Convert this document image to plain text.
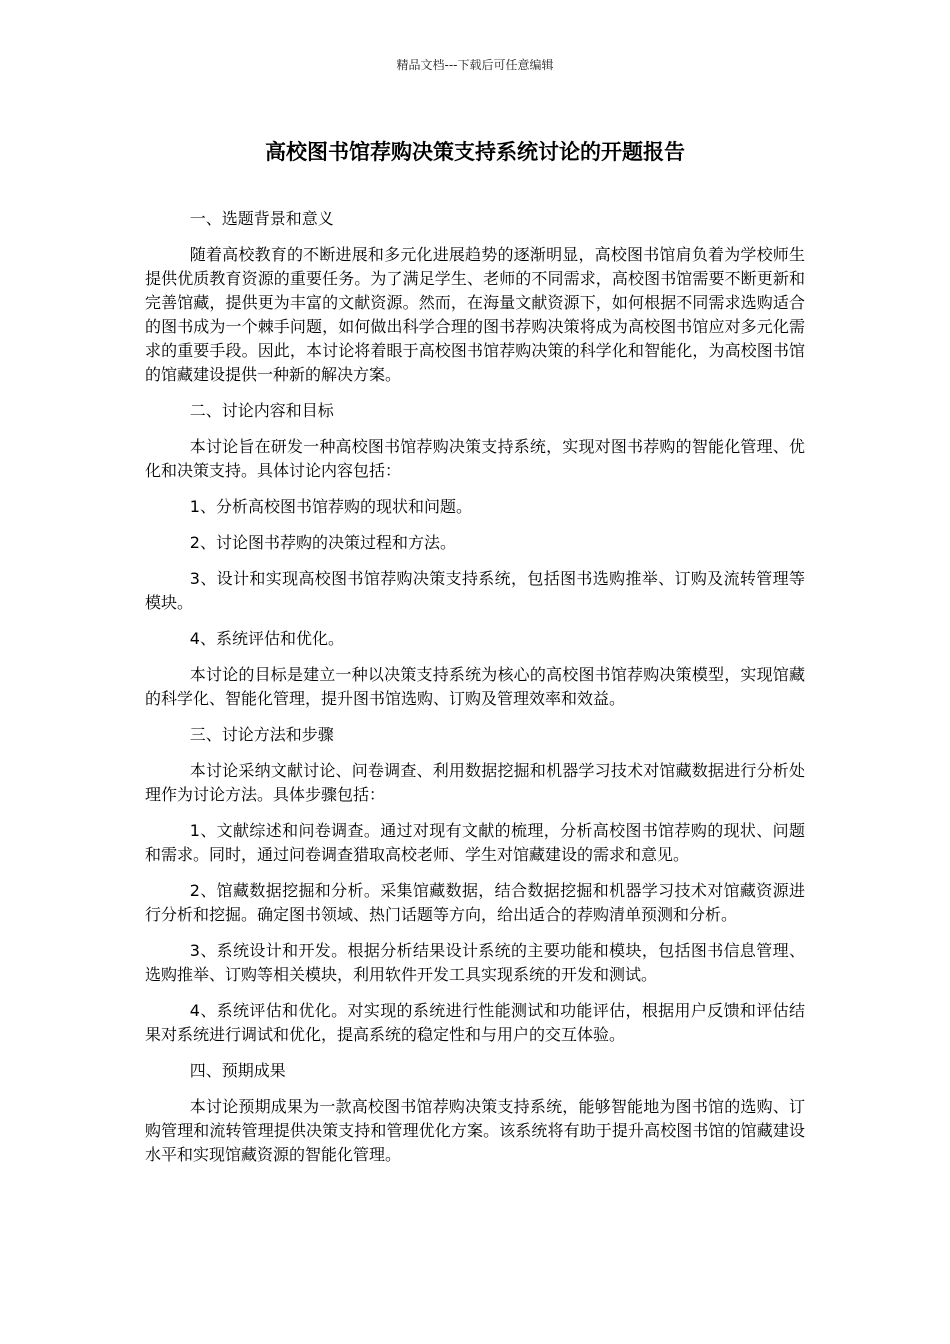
精品文档---下载后可任意编辑
高校图书馆荐购决策支持系统讨论的开题报告

一、选题背景和意义

随着高校教育的不断进展和多元化进展趋势的逐渐明显，高校图书馆肩负着为学校师生提供优质教育资源的重要任务。为了满足学生、老师的不同需求，高校图书馆需要不断更新和完善馆藏，提供更为丰富的文献资源。然而，在海量文献资源下，如何根据不同需求选购适合的图书成为一个棘手问题，如何做出科学合理的图书荐购决策将成为高校图书馆应对多元化需求的重要手段。因此，本讨论将着眼于高校图书馆荐购决策的科学化和智能化，为高校图书馆的馆藏建设提供一种新的解决方案。

二、讨论内容和目标

本讨论旨在研发一种高校图书馆荐购决策支持系统，实现对图书荐购的智能化管理、优化和决策支持。具体讨论内容包括：

1、分析高校图书馆荐购的现状和问题。

2、讨论图书荐购的决策过程和方法。

3、设计和实现高校图书馆荐购决策支持系统，包括图书选购推举、订购及流转管理等模块。

4、系统评估和优化。

本讨论的目标是建立一种以决策支持系统为核心的高校图书馆荐购决策模型，实现馆藏的科学化、智能化管理，提升图书馆选购、订购及管理效率和效益。

三、讨论方法和步骤

本讨论采纳文献讨论、问卷调查、利用数据挖掘和机器学习技术对馆藏数据进行分析处理作为讨论方法。具体步骤包括：

1、文献综述和问卷调查。通过对现有文献的梳理，分析高校图书馆荐购的现状、问题和需求。同时，通过问卷调查猎取高校老师、学生对馆藏建设的需求和意见。

2、馆藏数据挖掘和分析。采集馆藏数据，结合数据挖掘和机器学习技术对馆藏资源进行分析和挖掘。确定图书领域、热门话题等方向，给出适合的荐购清单预测和分析。

3、系统设计和开发。根据分析结果设计系统的主要功能和模块，包括图书信息管理、选购推举、订购等相关模块，利用软件开发工具实现系统的开发和测试。

4、系统评估和优化。对实现的系统进行性能测试和功能评估，根据用户反馈和评估结果对系统进行调试和优化，提高系统的稳定性和与用户的交互体验。

四、预期成果

本讨论预期成果为一款高校图书馆荐购决策支持系统，能够智能地为图书馆的选购、订购管理和流转管理提供决策支持和管理优化方案。该系统将有助于提升高校图书馆的馆藏建设水平和实现馆藏资源的智能化管理。
